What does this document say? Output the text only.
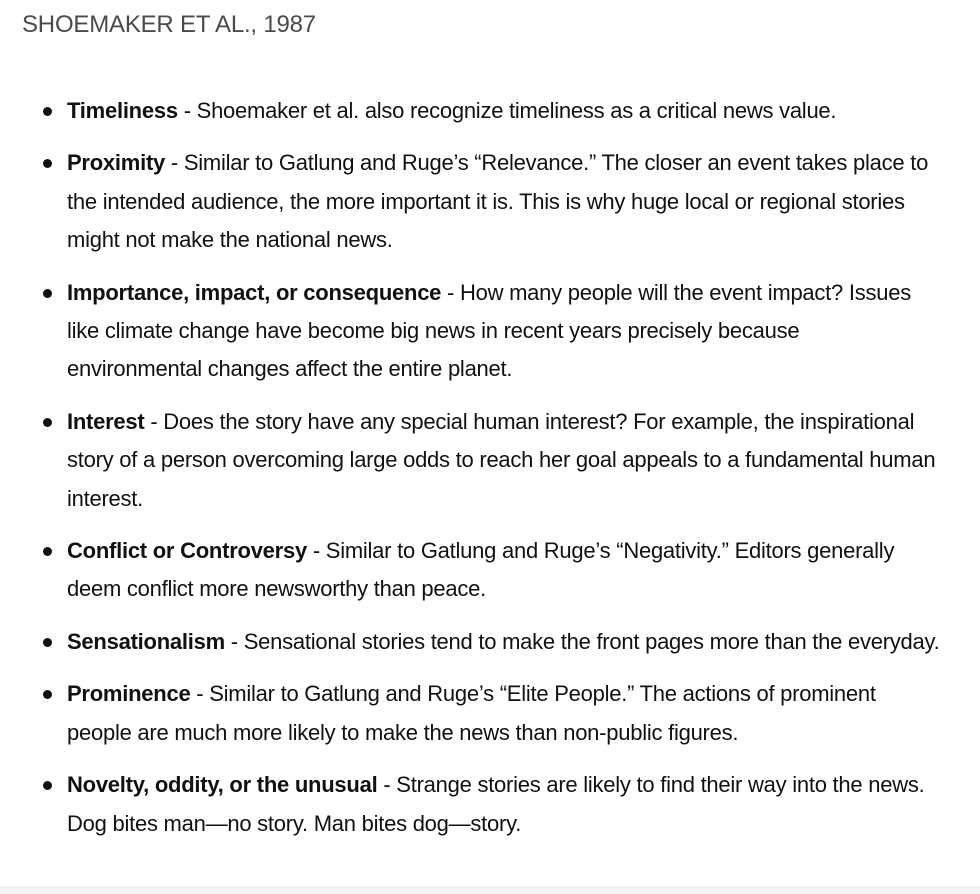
SHOEMAKER ET AL., 1987
Timeliness - Shoemaker et al. also recognize timeliness as a critical news value.
Proximity - Similar to Gatlung and Ruge’s “Relevance.” The closer an event takes place to the intended audience, the more important it is. This is why huge local or regional stories might not make the national news.
Importance, impact, or consequence - How many people will the event impact? Issues like climate change have become big news in recent years precisely because environmental changes affect the entire planet.
Interest - Does the story have any special human interest? For example, the inspirational story of a person overcoming large odds to reach her goal appeals to a fundamental human interest.
Conflict or Controversy - Similar to Gatlung and Ruge’s “Negativity.” Editors generally deem conflict more newsworthy than peace.
Sensationalism - Sensational stories tend to make the front pages more than the everyday.
Prominence - Similar to Gatlung and Ruge’s “Elite People.” The actions of prominent people are much more likely to make the news than non-public figures.
Novelty, oddity, or the unusual - Strange stories are likely to find their way into the news. Dog bites man—no story. Man bites dog—story.
